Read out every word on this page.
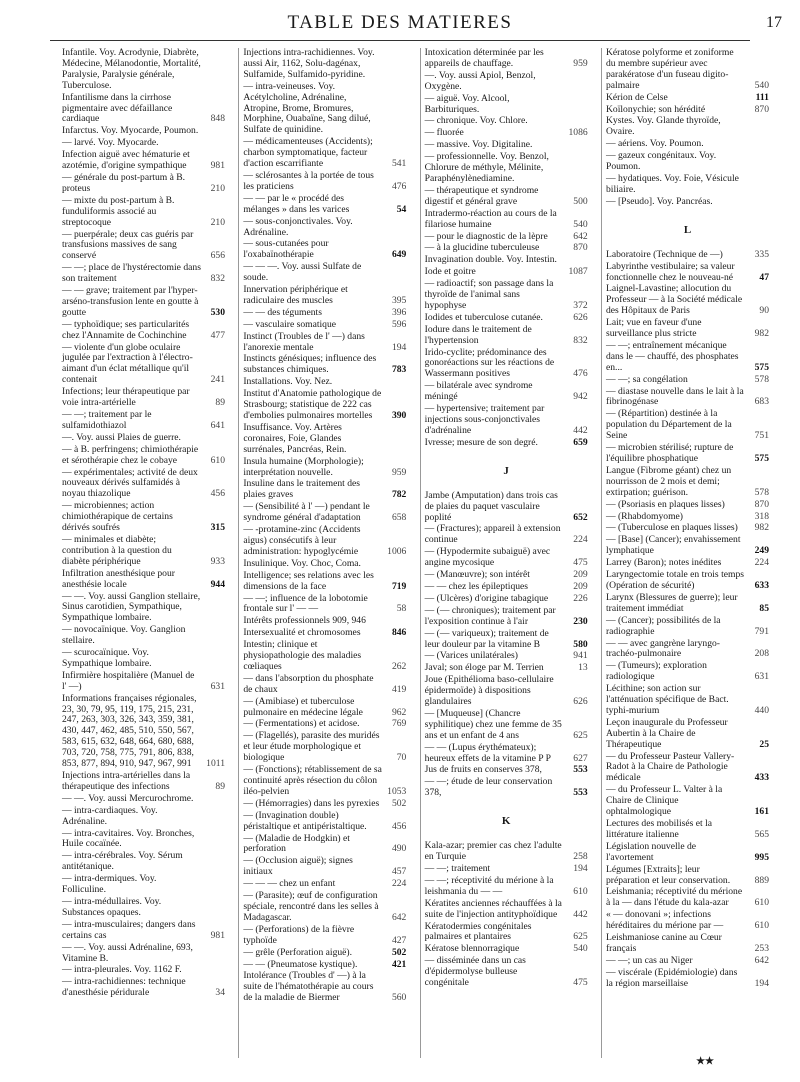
TABLE DES MATIERES	17
Infantile. Voy. Acrodynie, Diabrète, Médecine, Mélanodontie, Mortalité, Paralysie, Paralysie générale, Tuberculose.
Infantilisme dans la cirrhose pigmentaire avec défaillance cardiaque	848
Infarctus. Voy. Myocarde, Poumon.
— larvé. Voy. Myocarde.
Infection aiguë avec hématurie et azotémie, d'origine sympathique	981
— générale du post-partum à B. proteus	210
— mixte du post-partum à B. funduliformis associé au streptocoque	210
— puerpérale; deux cas guéris par transfusions massives de sang conservé	656
— —; place de l'hystérectomie dans son traitement	832
— — grave; traitement par l'hyper-arséno-transfusion lente en goutte à goutte	530
— typhoïdique; ses particularités chez l'Annamite de Cochinchine	477
— violente d'un globe oculaire jugulée par l'extraction à l'électro-aimant d'un éclat métallique qu'il contenait	241
Infections; leur thérapeutique par voie intra-artérielle	89
— —; traitement par le sulfamidothiazol	641
—. Voy. aussi Plaies de guerre.
— à B. perfringens; chimiothérapie et sérothérapie chez le cobaye	610
— expérimentales; activité de deux nouveaux dérivés sulfamidés à noyau thiazolique	456
— microbiennes; action chimiothérapique de certains dérivés soufrés	315
— minimales et diabète; contribution à la question du diabète périphérique	933
Infiltration anesthésique pour anesthésie locale	944
— —. Voy. aussi Ganglion stellaire, Sinus carotidien, Sympathique, Sympathique lombaire.
— novocaïnique. Voy. Ganglion stellaire.
— scurocaïnique. Voy. Sympathique lombaire.
Infirmière hospitalière (Manuel de l' —)	631
Informations françaises régionales, 23, 30, 79, 95, 119, 175, 215, 231, 247, 263, 303, 326, 343, 359, 381, 430, 447, 462, 485, 510, 550, 567, 583, 615, 632, 648, 664, 680, 688, 703, 720, 758, 775, 791, 806, 838, 853, 877, 894, 910, 947, 967, 991	1011
Injections intra-artérielles dans la thérapeutique des infections	89
— —. Voy. aussi Mercurochrome.
— intra-cardiaques. Voy. Adrénaline.
— intra-cavitaires. Voy. Bronches, Huile cocaïnée.
— intra-cérébrales. Voy. Sérum antitétanique.
— intra-dermiques. Voy. Folliculine.
— intra-médullaires. Voy. Substances opaques.
— intra-musculaires; dangers dans certains cas	981
— —. Voy. aussi Adrénaline, 693, Vitamine B.
— intra-pleurales. Voy. 1162 F.
— intra-rachidiennes: technique d'anesthésie péridurale	34
Injections intra-rachidiennes. Voy. aussi Air, 1162, Solu-dagénax, Sulfamide, Sulfamido-pyridine.
— intra-veineuses. Voy. Acétylcholine, Adrénaline, Atropine, Brome, Bromures, Morphine, Ouabaïne, Sang dilué, Sulfate de quinidine.
— médicamenteuses (Accidents); charbon symptomatique, facteur d'action escarrifiante	541
— sclérosantes à la portée de tous les praticiens	476
— — par le « procédé des mélanges » dans les varices	54
— sous-conjonctivales. Voy. Adrénaline.
— sous-cutanées pour l'oxabaïnothérapie	649
— — —. Voy. aussi Sulfate de soude.
Innervation périphérique et radiculaire des muscles	395
— — des téguments	396
— vasculaire somatique	596
Instinct (Troubles de l' —) dans l'anorexie mentale	194
Instincts génésiques; influence des substances chimiques.	783
Installations. Voy. Nez.
Institut d'Anatomie pathologique de Strasbourg; statistique de 222 cas d'embolies pulmonaires mortelles	390
Insuffisance. Voy. Artères coronaires, Foie, Glandes surrénales, Pancréas, Rein.
Insula humaine (Morphologie); interprétation nouvelle.	959
Insuline dans le traitement des plaies graves	782
— (Sensibilité à l' —) pendant le syndrome général d'adaptation	658
— -protamine-zinc (Accidents aigus) consécutifs à leur administration: hypoglycémie	1006
Insulinique. Voy. Choc, Coma.
Intelligence; ses relations avec les dimensions de la face	719
— —; influence de la lobotomie frontale sur l' — —	58
Intérêts professionnels 909, 946
Intersexualité et chromosomes	846
Intestin; clinique et physiopathologie des maladies cœliaques	262
— dans l'absorption du phosphate de chaux	419
— (Amibiase) et tuberculose pulmonaire en médecine légale	962
— (Fermentations) et acidose.	769
— (Flagellés), parasite des muridés et leur étude morphologique et biologique	70
— (Fonctions); rétablissement de sa continuité après résection du côlon iléo-pelvien	1053
— (Hémorragies) dans les pyrexies	502
— (Invagination double) péristaltique et antipéristaltique.	456
— (Maladie de Hodgkin) et perforation	490
— (Occlusion aiguë); signes initiaux	457
— — — chez un enfant	224
— (Parasite); œuf de configuration spéciale, rencontré dans les selles à Madagascar.	642
— (Perforations) de la fièvre typhoïde	427
— grêle (Perforation aiguë).	502
— — (Pneumatose kystique).	421
Intolérance (Troubles d' —) à la suite de l'hématothérapie au cours de la maladie de Biermer	560
Intoxication déterminée par les appareils de chauffage.	959
—. Voy. aussi Apiol, Benzol, Oxygène.
— aiguë. Voy. Alcool, Barbituriques.
— chronique. Voy. Chlore.
— fluorée	1086
— massive. Voy. Digitaline.
— professionnelle. Voy. Benzol, Chlorure de méthyle, Mélinite, Paraphénylènediamine.
— thérapeutique et syndrome digestif et général grave	500
Intradermo-réaction au cours de la filariose humaine	540
— pour le diagnostic de la lèpre	642
— à la glucidine tuberculeuse	870
Invagination double. Voy. Intestin.
Iode et goitre	1087
— radioactif; son passage dans la thyroïde de l'animal sans hypophyse	372
Iodides et tuberculose cutanée.	626
Iodure dans le traitement de l'hypertension	832
Irido-cyclite; prédominance des gonoréactions sur les réactions de Wassermann positives	476
— bilatérale avec syndrome méningé	942
— hypertensive; traitement par injections sous-conjonctivales d'adrénaline	442
Ivresse; mesure de son degré.	659
J
Jambe (Amputation) dans trois cas de plaies du paquet vasculaire poplité	652
— (Fractures); appareil à extension continue	224
— (Hypodermite subaiguë) avec angine mycosique	475
— (Manœuvre); son intérêt	209
— — chez les épileptiques	209
— (Ulcères) d'origine tabagique	226
— (— chroniques); traitement par l'exposition continue à l'air	230
— (— variqueux); traitement de leur douleur par la vitamine B	580
— (Varices unilatérales)	941
Javal; son éloge par M. Terrien	13
Joue (Epithélioma baso-cellulaire épidermoïde) à dispositions glandulaires	626
— [Muqueuse] (Chancre syphilitique) chez une femme de 35 ans et un enfant de 4 ans	625
— — (Lupus érythémateux); heureux effets de la vitamine P P	627
Jus de fruits en conserves 378,	553
— —; étude de leur conservation 378,	553
K
Kala-azar; premier cas chez l'adulte en Turquie	258
— —; traitement	194
— —; réceptivité du mérione à la leishmania du — —	610
Kératites anciennes réchauffées à la suite de l'injection antityphoïdique	442
Kératodermies congénitales palmaires et plantaires	625
Kératose blennorragique	540
— disséminée dans un cas d'épidermolyse bulleuse congénitale	475
Kératose polyforme et zoniforme du membre supérieur avec parakératose d'un fuseau digito-palmaire	540
Kérion de Celse	111
Koïlonychie; son hérédité	870
Kystes. Voy. Glande thyroïde, Ovaire.
— aériens. Voy. Poumon.
— gazeux congénitaux. Voy. Poumon.
— hydatiques. Voy. Foie, Vésicule biliaire.
— [Pseudo]. Voy. Pancréas.
L
Laboratoire (Technique de —)	335
Labyrinthe vestibulaire; sa valeur fonctionnelle chez le nouveau-né	47
Laignel-Lavastine; allocution du Professeur — à la Société médicale des Hôpitaux de Paris	90
Lait; vue en faveur d'une surveillance plus stricte	982
— —; entraînement mécanique dans le — chauffé, des phosphates en...	575
— —; sa congélation	578
— diastase nouvelle dans le lait à la fibrinogénase	683
— (Répartition) destinée à la population du Département de la Seine	751
— microbien stérilisé; rupture de l'équilibre phosphatique	575
Langue (Fibrome géant) chez un nourrisson de 2 mois et demi; extirpation; guérison.	578
— (Psoriasis en plaques lisses)	870
— (Rhabdomyome)	318
— (Tuberculose en plaques lisses)	982
— [Base] (Cancer); envahissement lymphatique	249
Larrey (Baron); notes inédites	224
Laryngectomie totale en trois temps (Opération de sécurité)	633
Larynx (Blessures de guerre); leur traitement immédiat	85
— (Cancer); possibilités de la radiographie	791
— — avec gangrène laryngo-trachéo-pulmonaire	208
— (Tumeurs); exploration radiologique	631
Lécithine; son action sur l'atténuation spécifique de Bact. typhi-murium	440
Leçon inaugurale du Professeur Aubertin à la Chaire de Thérapeutique	25
— du Professeur Pasteur Vallery-Radot à la Chaire de Pathologie médicale	433
— du Professeur L. Valter à la Chaire de Clinique ophtalmologique	161
Lectures des mobilisés et la littérature italienne	565
Législation nouvelle de l'avortement	995
Légumes [Extraits]; leur préparation et leur conservation.	889
Leishmania; réceptivité du mérione à la — dans l'étude du kala-azar	610
« — donovani »; infections héréditaires du mérione par —	610
Leishmaniose canine au Cœur français	253
— —; un cas au Niger	642
— viscérale (Epidémiologie) dans la région marseillaise	194
★★
